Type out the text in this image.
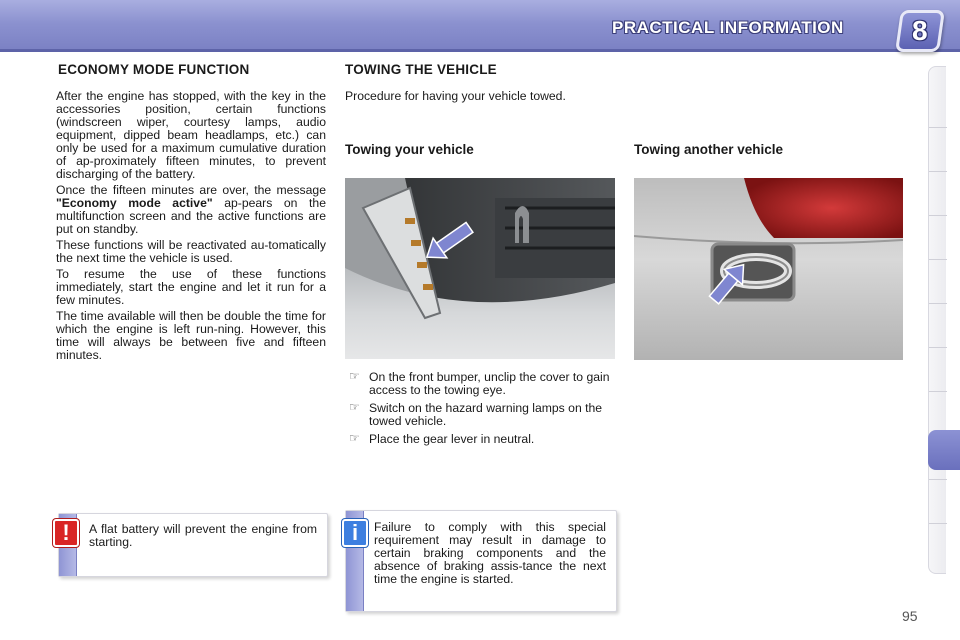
PRACTICAL INFORMATION	8
ECONOMY MODE FUNCTION

After the engine has stopped, with the key in the accessories position, certain functions (windscreen wiper, courtesy lamps, audio equipment, dipped beam headlamps, etc.) can only be used for a maximum cumulative duration of ap-proximately fifteen minutes, to prevent discharging of the battery.

Once the fifteen minutes are over, the message "Economy mode active" ap-pears on the multifunction screen and the active functions are put on standby.

These functions will be reactivated au-tomatically the next time the vehicle is used.

To resume the use of these functions immediately, start the engine and let it run for a few minutes.

The time available will then be double the time for which the engine is left run-ning. However, this time will always be between five and fifteen minutes.

TOWING THE VEHICLE

Procedure for having your vehicle towed.

Towing your vehicle	Towing another vehicle
☞ On the front bumper, unclip the cover to gain access to the towing eye.
☞ Switch on the hazard warning lamps on the towed vehicle.
☞ Place the gear lever in neutral.

A flat battery will prevent the engine from starting.

!	Failure to comply with this special requirement may result in damage to certain braking components and the absence of braking assis-tance the next time the engine is started.

i
95
